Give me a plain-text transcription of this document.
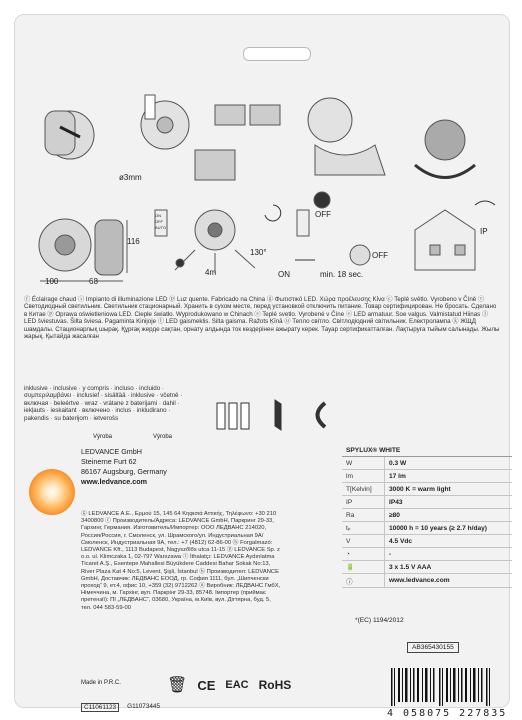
ø3mm
116
100	68
4m
130°
OFF
ON
OFF
min. 18 sec.
ON
OFF
AUTO	IP
ⓕ Éclairage chaud ⓘ Impianto di illuminazione LED ⓟ Luz quente. Fabricado na China ⓖ Φωτιστικό LED. Χώρα προέλευσης Κίνα ⓒ Teplé světlo. Vyrobeno v Číně ⓡ Светодиодный светильник. Светильник стационарный. Хранить в сухом месте, перед установкой отключить питание. Товар сертифицирован. Не бросать. Сделано в Китае ⓟ Oprawa oświetleniowa LED. Ciepłe światło. Wyprodukowano w Chinach ⓢ Teplé svetlo. Vyrobené v Číne ⓔ LED armatuur. Soe valgus. Valmistatud Hiinas ⓛ LED šviestuvas. Šilta šviesa. Pagaminta Kinijoje ⓛ LED gaismeklis. Silta gaisma. Ražots Ķīnā ⓤ Тепло світло. Світлодіодний світильник. Електролампа ⓚ ЖЩД шамдалы. Стационарлық шырақ. Құрғақ жерде сақтан, орнату алдында ток көздерінен ажырату керек. Тауар сертификатталған. Лақтыруға тыйым салынады. Жылы жарық. Қытайда жасалған
inklusive · inclusive · y compris · incluso · incluido · συμπεριλαμβάνει · inclusief · sisältää · inklusive · včetně · включая · beleértve · wraz · vrátane z baterijami · dahil · iekļauts · ieskaitant · включено · inclus · inkludirano · pakendis · su baterijom · ietverošs
Výroba	Výroba
LEDVANCE GmbH
Steinerne Furt 62
86167 Augsburg, Germany
www.ledvance.com
ⓖ LEDVANCE A.E., Ερμού 15, 145 64 Κηφισιά Αττικής, Τηλέφωνο: +30 210 3400800 ⓡ Производитель/Адреса: LEDVANCE GmbH, Паркринг 29-33, Гархинг, Германия. Изготовитель/Импортер: ООО ЛЕДВАНС 214020, Россия/Россия, г. Смоленск, ул. Шрамского/ул. Индустриальная 9А/ Смоленск, Индустриальная 9А, тел.: +7 (4812) 62-86-00 ⓗ Forgalmazó: LEDVANCE Kft., 1113 Budapest, Nagyszőlős utca 11-15 ⓟ LEDVANCE Sp. z o.o. ul. Klimczaka 1, 02-797 Warszawa ⓣ İthalatçı: LEDVANCE Aydınlatma Ticaret A.Ş., Esentepe Mahallesi Büyükdere Caddesi Bahar Sokak No:13, River Plaza Kat 4 No:5, Levent, Şişli, İstanbul ⓑ Производител: LEDVANCE GmbH, Доставчик: ЛЕДВАНС ЕООД, гр. София 1111, бул. „Шипченски проход“ 9, ет.4, офис 10, +359 (32) 9712262 ⓤ Виробник: ЛЕДВАНС ГмбХ, Німеччина, м. Гархінг, вул. Паркрінг 29-33, 85748. Імпортер (приймає претензії): ПІ „ЛЕДВАНС“, 03680, Україна, м.Київ, вул. Дігтярна, буд. 5, тел. 044 583-59-00
Made in P.R.C.
C11061123	G11073445
SPYLUX® WHITE
W	0.3 W
lm	17 lm
T[Kelvin]	3000 K = warm light
IP	IP43
Ra	≥80
tₚ	10000 h = 10 years (≥ 2.7 h/day)
V	4.5 Vdc
◔	-
🔋	3 x 1.5 V AAA
ⓘ	www.ledvance.com
*(EC) 1194/2012
AB365430155
🗑 CE EAC RoHS
4 058075 227835
